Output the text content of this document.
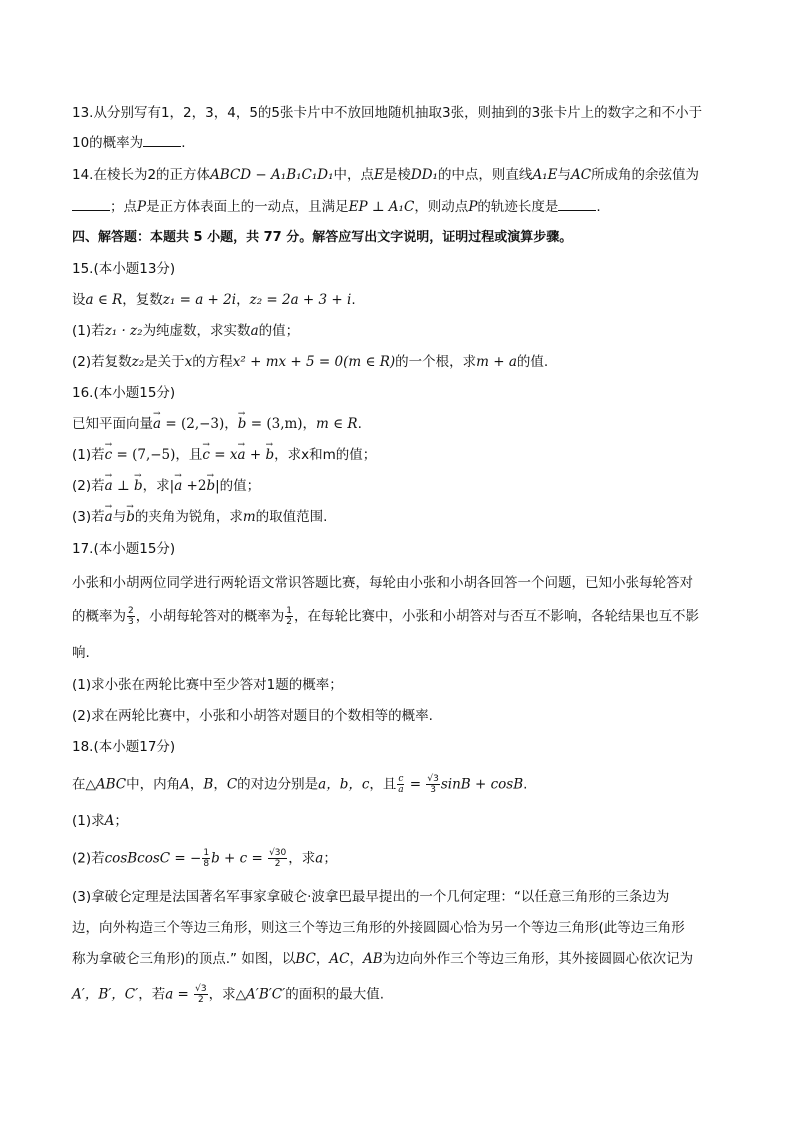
13.从分别写有1，2，3，4，5的5张卡片中不放回地随机抽取3张，则抽到的3张卡片上的数字之和不小于
10的概率为	.
14.在棱长为2的正方体ABCD − A₁B₁C₁D₁中，点E是棱DD₁的中点，则直线A₁E与AC所成角的余弦值为
；点P是正方体表面上的一动点，且满足EP ⊥ A₁C，则动点P的轨迹长度是	.
四、解答题：本题共 5 小题，共 77 分。解答应写出文字说明，证明过程或演算步骤。
15.(本小题13分)
设a ∈ R，复数z₁ = a + 2i，z₂ = 2a + 3 + i.
(1)若z₁ · z₂为纯虚数，求实数a的值；
(2)若复数z₂是关于x的方程x² + mx + 5 = 0(m ∈ R)的一个根，求m + a的值.
16.(本小题15分)
已知平面向量→ a = (2,−3)，→ b = (3,m)，m ∈ R.
(1)若→ c = (7,−5)，且→ c = x→ a + → b，求x和m的值；
(2)若→ a ⊥ → b，求|→ a +2→ b|的值；
(3)若→ a与→ b的夹角为锐角，求m的取值范围.
17.(本小题15分)
小张和小胡两位同学进行两轮语文常识答题比赛，每轮由小张和小胡各回答一个问题，已知小张每轮答对
的概率为 $\frac{2}{3}$ ，小胡每轮答对的概率为 $\frac{1}{2}$ ，在每轮比赛中，小张和小胡答对与否互不影响，各轮结果也互不影
响.
(1)求小张在两轮比赛中至少答对1题的概率；
(2)求在两轮比赛中，小张和小胡答对题目的个数相等的概率.
18.(本小题17分)
在△ABC中，内角A，B，C的对边分别是a，b，c，且 $\frac{c}{a} = \frac{√3}{3}$ sinB + cosB.
(1)求A；
(2)若cosBcosC = − $\frac{1}{8}$ $b + c = \frac{√30}{2}$ ，求a；
(3)拿破仑定理是法国著名军事家拿破仑·波拿巴最早提出的一个几何定理：“以任意三角形的三条边为
边，向外构造三个等边三角形，则这三个等边三角形的外接圆圆心恰为另一个等边三角形(此等边三角形
称为拿破仑三角形)的顶点.” 如图，以BC，AC，AB为边向外作三个等边三角形，其外接圆圆心依次记为
A′，B′，C′，若$a = \frac{√3}{2}$ ，求△A′B′C′的面积的最大值.
